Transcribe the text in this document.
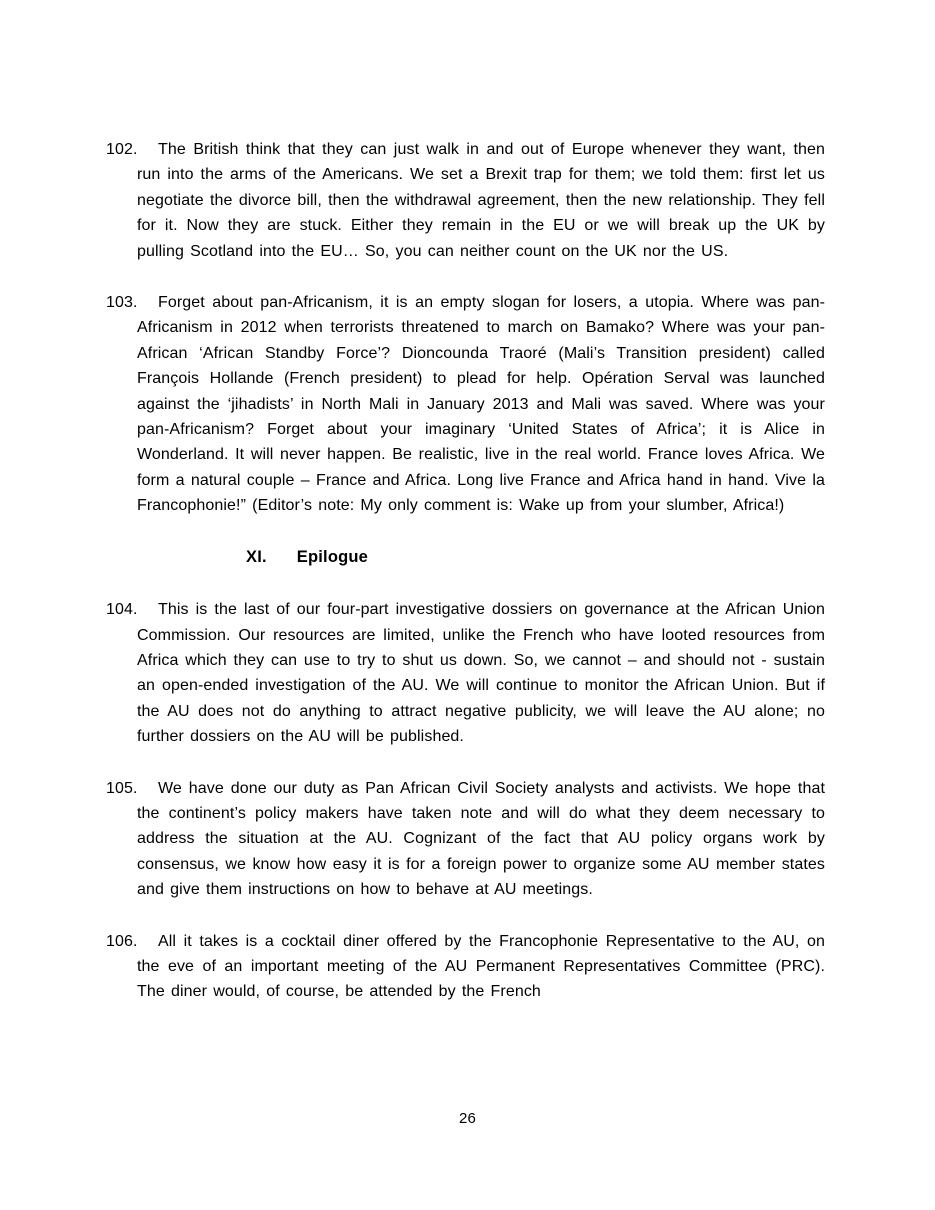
102. The British think that they can just walk in and out of Europe whenever they want, then run into the arms of the Americans. We set a Brexit trap for them; we told them: first let us negotiate the divorce bill, then the withdrawal agreement, then the new relationship. They fell for it. Now they are stuck. Either they remain in the EU or we will break up the UK by pulling Scotland into the EU… So, you can neither count on the UK nor the US.
103. Forget about pan-Africanism, it is an empty slogan for losers, a utopia. Where was pan-Africanism in 2012 when terrorists threatened to march on Bamako? Where was your pan-African ‘African Standby Force’? Dioncounda Traoré (Mali’s Transition president) called François Hollande (French president) to plead for help. Opération Serval was launched against the ‘jihadists’ in North Mali in January 2013 and Mali was saved. Where was your pan-Africanism? Forget about your imaginary ‘United States of Africa’; it is Alice in Wonderland. It will never happen. Be realistic, live in the real world. France loves Africa. We form a natural couple – France and Africa. Long live France and Africa hand in hand. Vive la Francophonie!” (Editor’s note: My only comment is: Wake up from your slumber, Africa!)
XI. Epilogue
104. This is the last of our four-part investigative dossiers on governance at the African Union Commission. Our resources are limited, unlike the French who have looted resources from Africa which they can use to try to shut us down. So, we cannot – and should not - sustain an open-ended investigation of the AU. We will continue to monitor the African Union. But if the AU does not do anything to attract negative publicity, we will leave the AU alone; no further dossiers on the AU will be published.
105. We have done our duty as Pan African Civil Society analysts and activists. We hope that the continent’s policy makers have taken note and will do what they deem necessary to address the situation at the AU. Cognizant of the fact that AU policy organs work by consensus, we know how easy it is for a foreign power to organize some AU member states and give them instructions on how to behave at AU meetings.
106. All it takes is a cocktail diner offered by the Francophonie Representative to the AU, on the eve of an important meeting of the AU Permanent Representatives Committee (PRC). The diner would, of course, be attended by the French
26
